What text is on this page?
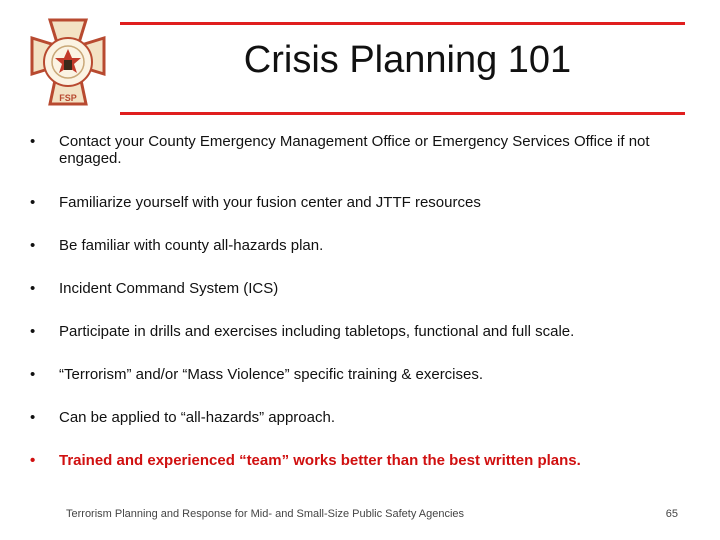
FSP
Crisis Planning 101
•	Contact your County Emergency Management Office or Emergency Services Office if not engaged.
•	Familiarize yourself with your fusion center and JTTF resources
•	Be familiar with county all-hazards plan.
•	Incident Command System (ICS)
•	Participate in drills and exercises including tabletops, functional and full scale.
•	“Terrorism” and/or “Mass Violence” specific training & exercises.
•	Can be applied to “all-hazards” approach.
•	Trained and experienced “team” works better than the best written plans.
Terrorism Planning and Response for Mid- and Small-Size Public Safety Agencies	65
